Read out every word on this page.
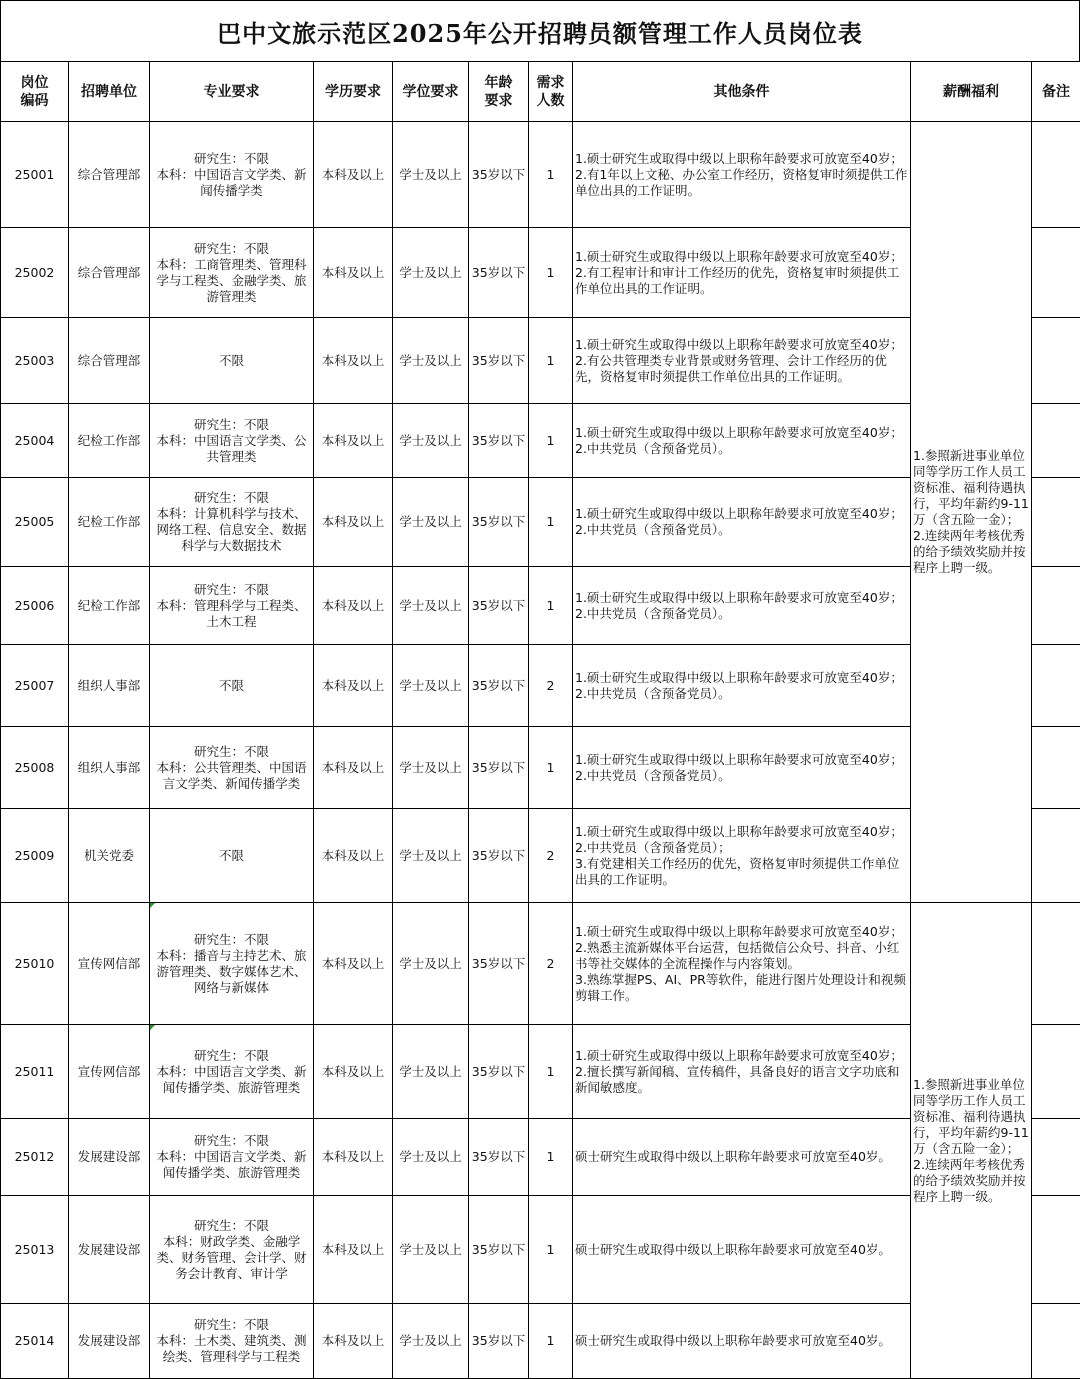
巴中文旅示范区2025年公开招聘员额管理工作人员岗位表
岗位
编码	招聘单位	专业要求	学历要求	学位要求	年龄
要求	需求
人数	其他条件	薪酬福利	备注
25001	综合管理部	研究生：不限
本科：中国语言文学类、新闻传播学类	本科及以上	学士及以上	35岁以下	1	1.硕士研究生或取得中级以上职称年龄要求可放宽至40岁；
2.有1年以上文秘、办公室工作经历，资格复审时须提供工作单位出具的工作证明。	1.参照新进事业单位同等学历工作人员工资标准、福利待遇执行，平均年薪约9-11万（含五险一金）；
2.连续两年考核优秀的给予绩效奖励并按程序上聘一级。	
25002	综合管理部	研究生：不限
本科：工商管理类、管理科学与工程类、金融学类、旅游管理类	本科及以上	学士及以上	35岁以下	1	1.硕士研究生或取得中级以上职称年龄要求可放宽至40岁；
2.有工程审计和审计工作经历的优先，资格复审时须提供工作单位出具的工作证明。		
25003	综合管理部	不限	本科及以上	学士及以上	35岁以下	1	1.硕士研究生或取得中级以上职称年龄要求可放宽至40岁；
2.有公共管理类专业背景或财务管理、会计工作经历的优先，资格复审时须提供工作单位出具的工作证明。		
25004	纪检工作部	研究生：不限
本科：中国语言文学类、公共管理类	本科及以上	学士及以上	35岁以下	1	1.硕士研究生或取得中级以上职称年龄要求可放宽至40岁；
2.中共党员（含预备党员）。		
25005	纪检工作部	研究生：不限
本科：计算机科学与技术、网络工程、信息安全、数据科学与大数据技术	本科及以上	学士及以上	35岁以下	1	1.硕士研究生或取得中级以上职称年龄要求可放宽至40岁；
2.中共党员（含预备党员）。		
25006	纪检工作部	研究生：不限
本科：管理科学与工程类、土木工程	本科及以上	学士及以上	35岁以下	1	1.硕士研究生或取得中级以上职称年龄要求可放宽至40岁；
2.中共党员（含预备党员）。		
25007	组织人事部	不限	本科及以上	学士及以上	35岁以下	2	1.硕士研究生或取得中级以上职称年龄要求可放宽至40岁；
2.中共党员（含预备党员）。		
25008	组织人事部	研究生：不限
本科：公共管理类、中国语言文学类、新闻传播学类	本科及以上	学士及以上	35岁以下	1	1.硕士研究生或取得中级以上职称年龄要求可放宽至40岁；
2.中共党员（含预备党员）。		
25009	机关党委	不限	本科及以上	学士及以上	35岁以下	2	1.硕士研究生或取得中级以上职称年龄要求可放宽至40岁；
2.中共党员（含预备党员）；
3.有党建相关工作经历的优先，资格复审时须提供工作单位出具的工作证明。		
25010	宣传网信部	研究生：不限
本科：播音与主持艺术、旅游管理类、数字媒体艺术、网络与新媒体	本科及以上	学士及以上	35岁以下	2	1.硕士研究生或取得中级以上职称年龄要求可放宽至40岁；
2.熟悉主流新媒体平台运营，包括微信公众号、抖音、小红书等社交媒体的全流程操作与内容策划。
3.熟练掌握PS、AI、PR等软件，能进行图片处理设计和视频剪辑工作。	1.参照新进事业单位同等学历工作人员工资标准、福利待遇执行，平均年薪约9-11万（含五险一金）；
2.连续两年考核优秀的给予绩效奖励并按程序上聘一级。	
25011	宣传网信部	研究生：不限
本科：中国语言文学类、新闻传播学类、旅游管理类	本科及以上	学士及以上	35岁以下	1	1.硕士研究生或取得中级以上职称年龄要求可放宽至40岁；
2.擅长撰写新闻稿、宣传稿件，具备良好的语言文字功底和新闻敏感度。		
25012	发展建设部	研究生：不限
本科：中国语言文学类、新闻传播学类、旅游管理类	本科及以上	学士及以上	35岁以下	1	硕士研究生或取得中级以上职称年龄要求可放宽至40岁。		
25013	发展建设部	研究生：不限
本科：财政学类、金融学类、财务管理、会计学、财务会计教育、审计学	本科及以上	学士及以上	35岁以下	1	硕士研究生或取得中级以上职称年龄要求可放宽至40岁。		
25014	发展建设部	研究生：不限
本科：土木类、建筑类、测绘类、管理科学与工程类	本科及以上	学士及以上	35岁以下	1	硕士研究生或取得中级以上职称年龄要求可放宽至40岁。		
